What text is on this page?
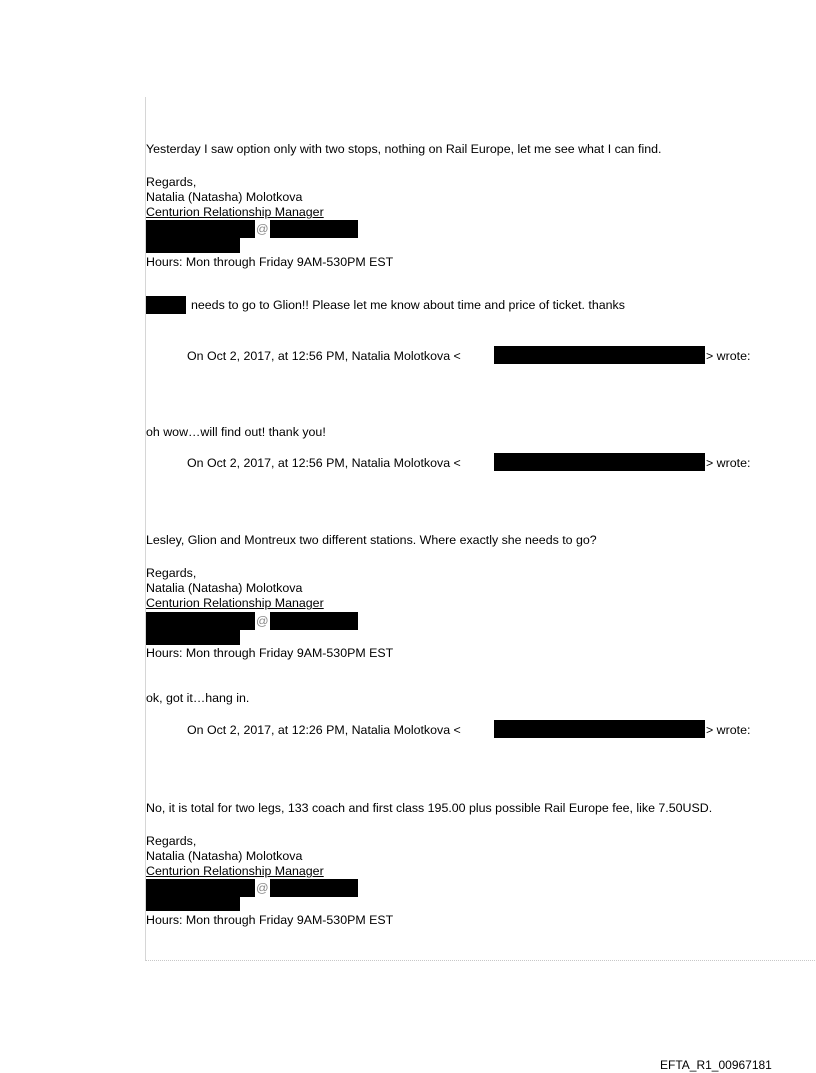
Yesterday I saw option only with two stops, nothing on Rail Europe, let me see what I can find.
Regards,
Natalia (Natasha) Molotkova
Centurion Relationship Manager
@
Hours: Mon through Friday 9AM-530PM EST
needs to go to Glion!! Please let me know about time and price of ticket. thanks
On Oct 2, 2017, at 12:56 PM, Natalia Molotkova <	> wrote:
oh wow…will find out! thank you!
On Oct 2, 2017, at 12:56 PM, Natalia Molotkova <	> wrote:
Lesley, Glion and Montreux two different stations. Where exactly she needs to go?
Regards,
Natalia (Natasha) Molotkova
Centurion Relationship Manager
@
Hours: Mon through Friday 9AM-530PM EST
ok, got it…hang in.
On Oct 2, 2017, at 12:26 PM, Natalia Molotkova <	> wrote:
No, it is total for two legs, 133 coach and first class 195.00 plus possible Rail Europe fee, like 7.50USD.
Regards,
Natalia (Natasha) Molotkova
Centurion Relationship Manager
@
Hours: Mon through Friday 9AM-530PM EST
EFTA_R1_00967181
